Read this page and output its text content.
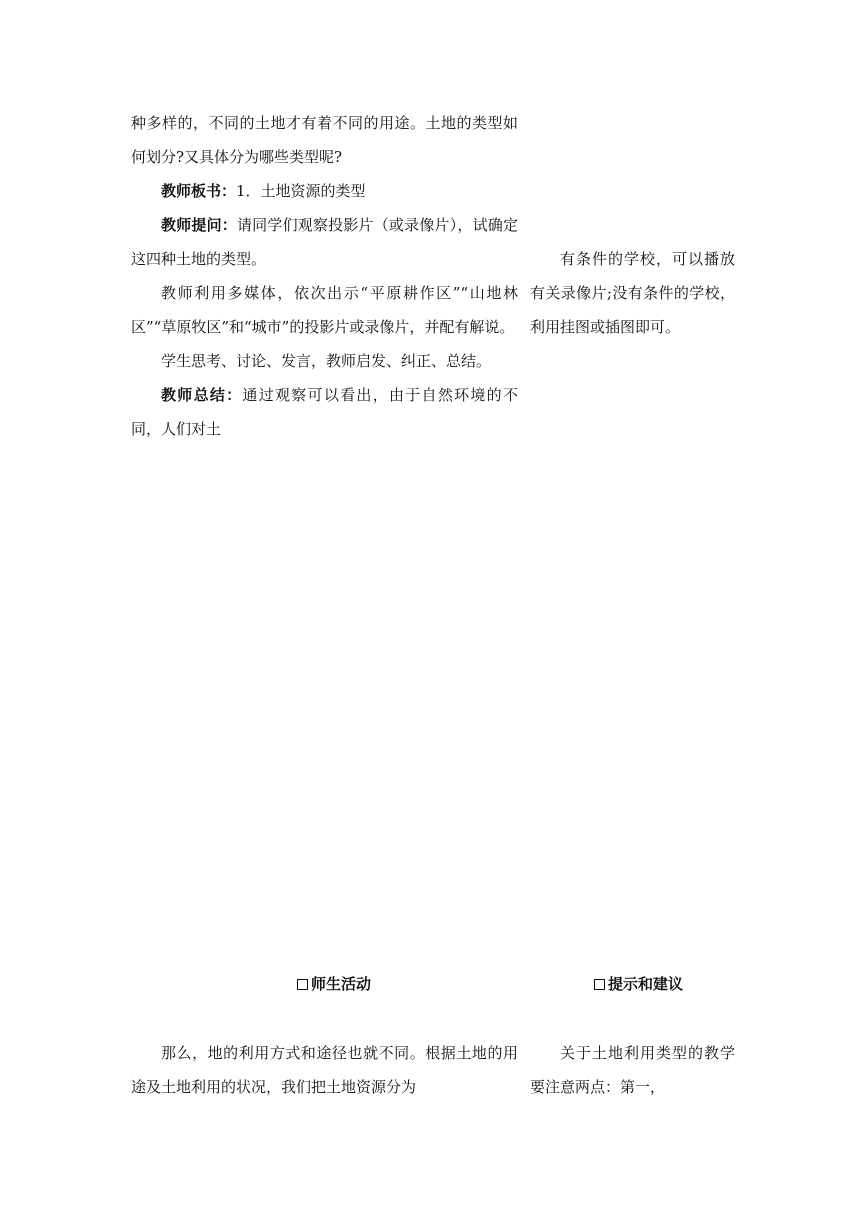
种多样的，不同的土地才有着不同的用途。土地的类型如何划分?又具体分为哪些类型呢?

教师板书：1．土地资源的类型

教师提问：请同学们观察投影片（或录像片），试确定这四种土地的类型。

教师利用多媒体，依次出示“平原耕作区”“山地林区”“草原牧区”和“城市”的投影片或录像片，并配有解说。

学生思考、讨论、发言，教师启发、纠正、总结。

教师总结：通过观察可以看出，由于自然环境的不同，人们对土

有条件的学校，可以播放有关录像片;没有条件的学校，利用挂图或插图即可。

师生活动	提示和建议

那么，地的利用方式和途径也就不同。根据土地的用途及土地利用的状况，我们把土地资源分为

关于土地利用类型的教学要注意两点：第一，
